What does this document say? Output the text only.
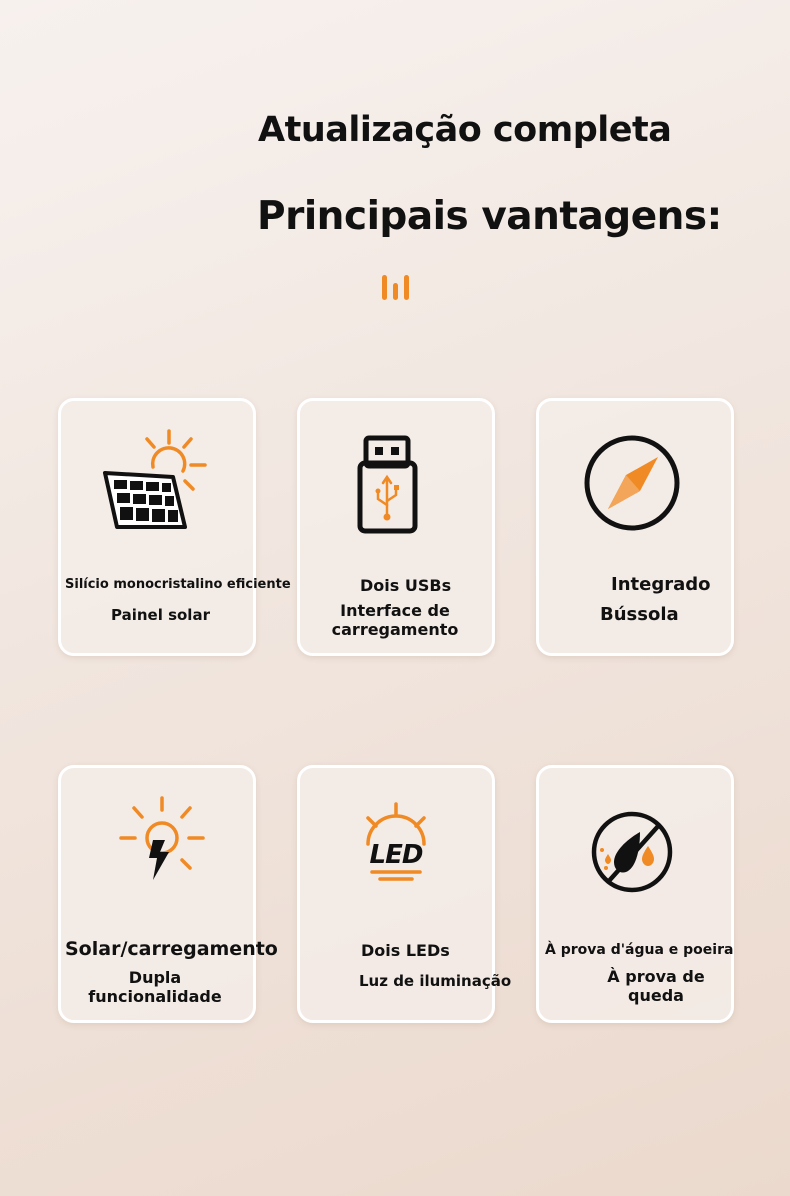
Atualização completa
Principais vantagens:
Silício monocristalino eficiente
Painel solar
Dois USBs
Interface de carregamento
Integrado
Bússola
Solar/carregamento
Dupla funcionalidade
LED
Dois LEDs
Luz de iluminação
À prova d'água e poeira
À prova de queda
